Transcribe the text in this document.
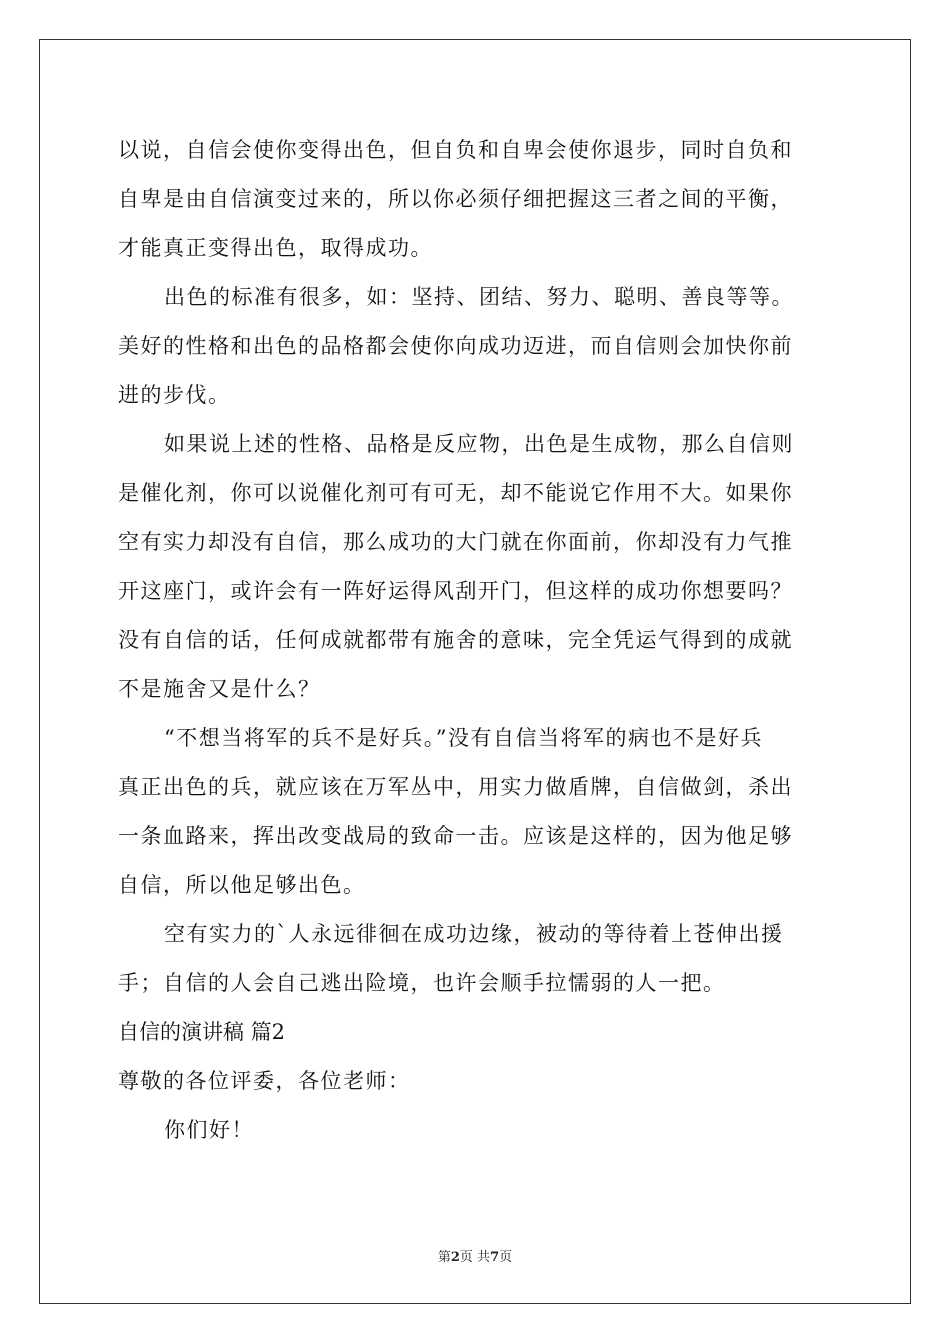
以说，自信会使你变得出色，但自负和自卑会使你退步，同时自负和
自卑是由自信演变过来的，所以你必须仔细把握这三者之间的平衡，
才能真正变得出色，取得成功。
出色的标准有很多，如：坚持、团结、努力、聪明、善良等等。
美好的性格和出色的品格都会使你向成功迈进，而自信则会加快你前
进的步伐。
如果说上述的性格、品格是反应物，出色是生成物，那么自信则
是催化剂，你可以说催化剂可有可无，却不能说它作用不大。如果你
空有实力却没有自信，那么成功的大门就在你面前，你却没有力气推
开这座门，或许会有一阵好运得风刮开门，但这样的成功你想要吗？
没有自信的话，任何成就都带有施舍的意味，完全凭运气得到的成就
不是施舍又是什么？
“不想当将军的兵不是好兵。”没有自信当将军的病也不是好兵
真正出色的兵，就应该在万军丛中，用实力做盾牌，自信做剑，杀出
一条血路来，挥出改变战局的致命一击。应该是这样的，因为他足够
自信，所以他足够出色。
空有实力的`人永远徘徊在成功边缘，被动的等待着上苍伸出援
手；自信的人会自己逃出险境，也许会顺手拉懦弱的人一把。
自信的演讲稿 篇2
尊敬的各位评委，各位老师：
你们好！
第2页 共7页
